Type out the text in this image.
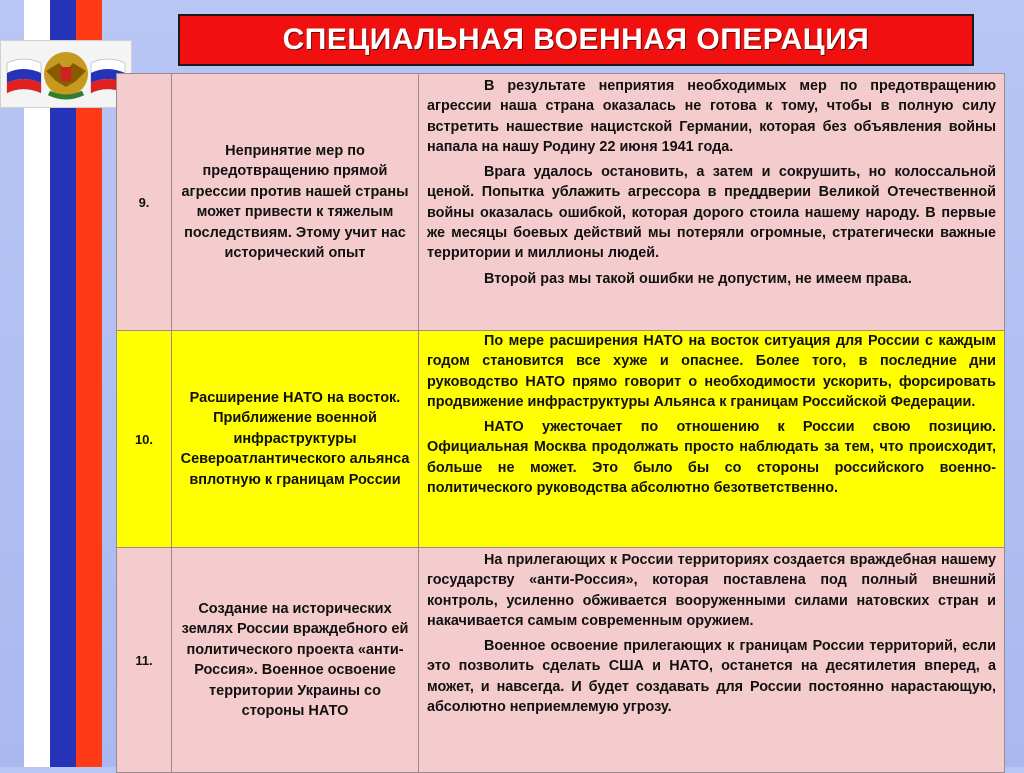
СПЕЦИАЛЬНАЯ ВОЕННАЯ ОПЕРАЦИЯ
9.	Непринятие мер по предотвращению прямой агрессии против нашей страны может привести к тяжелым последствиям. Этому учит нас исторический опыт	В результате неприятия необходимых мер по предотвращению агрессии наша страна оказалась не готова к тому, чтобы в полную силу встретить нашествие нацистской Германии, которая без объявления войны напала на нашу Родину 22 июня 1941 года.

Врага удалось остановить, а затем и сокрушить, но колоссальной ценой. Попытка ублажить агрессора в преддверии Великой Отечественной войны оказалась ошибкой, которая дорого стоила нашему народу. В первые же месяцы боевых действий мы потеряли огромные, стратегически важные территории и миллионы людей.

Второй раз мы такой ошибки не допустим, не имеем права.

10.	Расширение НАТО на восток. Приближение военной инфраструктуры Североатлантического альянса вплотную к границам России	По мере расширения НАТО на восток ситуация для России с каждым годом становится все хуже и опаснее. Более того, в последние дни руководство НАТО прямо говорит о необходимости ускорить, форсировать продвижение инфраструктуры Альянса к границам Российской Федерации.

НАТО ужесточает по отношению к России свою позицию. Официальная Москва продолжать просто наблюдать за тем, что происходит, больше не может. Это было бы со стороны российского военно-политического руководства абсолютно безответственно.

11.	Создание на исторических землях России враждебного ей политического проекта «анти-Россия». Военное освоение территории Украины со стороны НАТО	На прилегающих к России территориях создается враждебная нашему государству «анти-Россия», которая поставлена под полный внешний контроль, усиленно обживается вооруженными силами натовских стран и накачивается самым современным оружием.

Военное освоение прилегающих к границам России территорий, если это позволить сделать США и НАТО, останется на десятилетия вперед, а может, и навсегда. И будет создавать для России постоянно нарастающую, абсолютно неприемлемую угрозу.
